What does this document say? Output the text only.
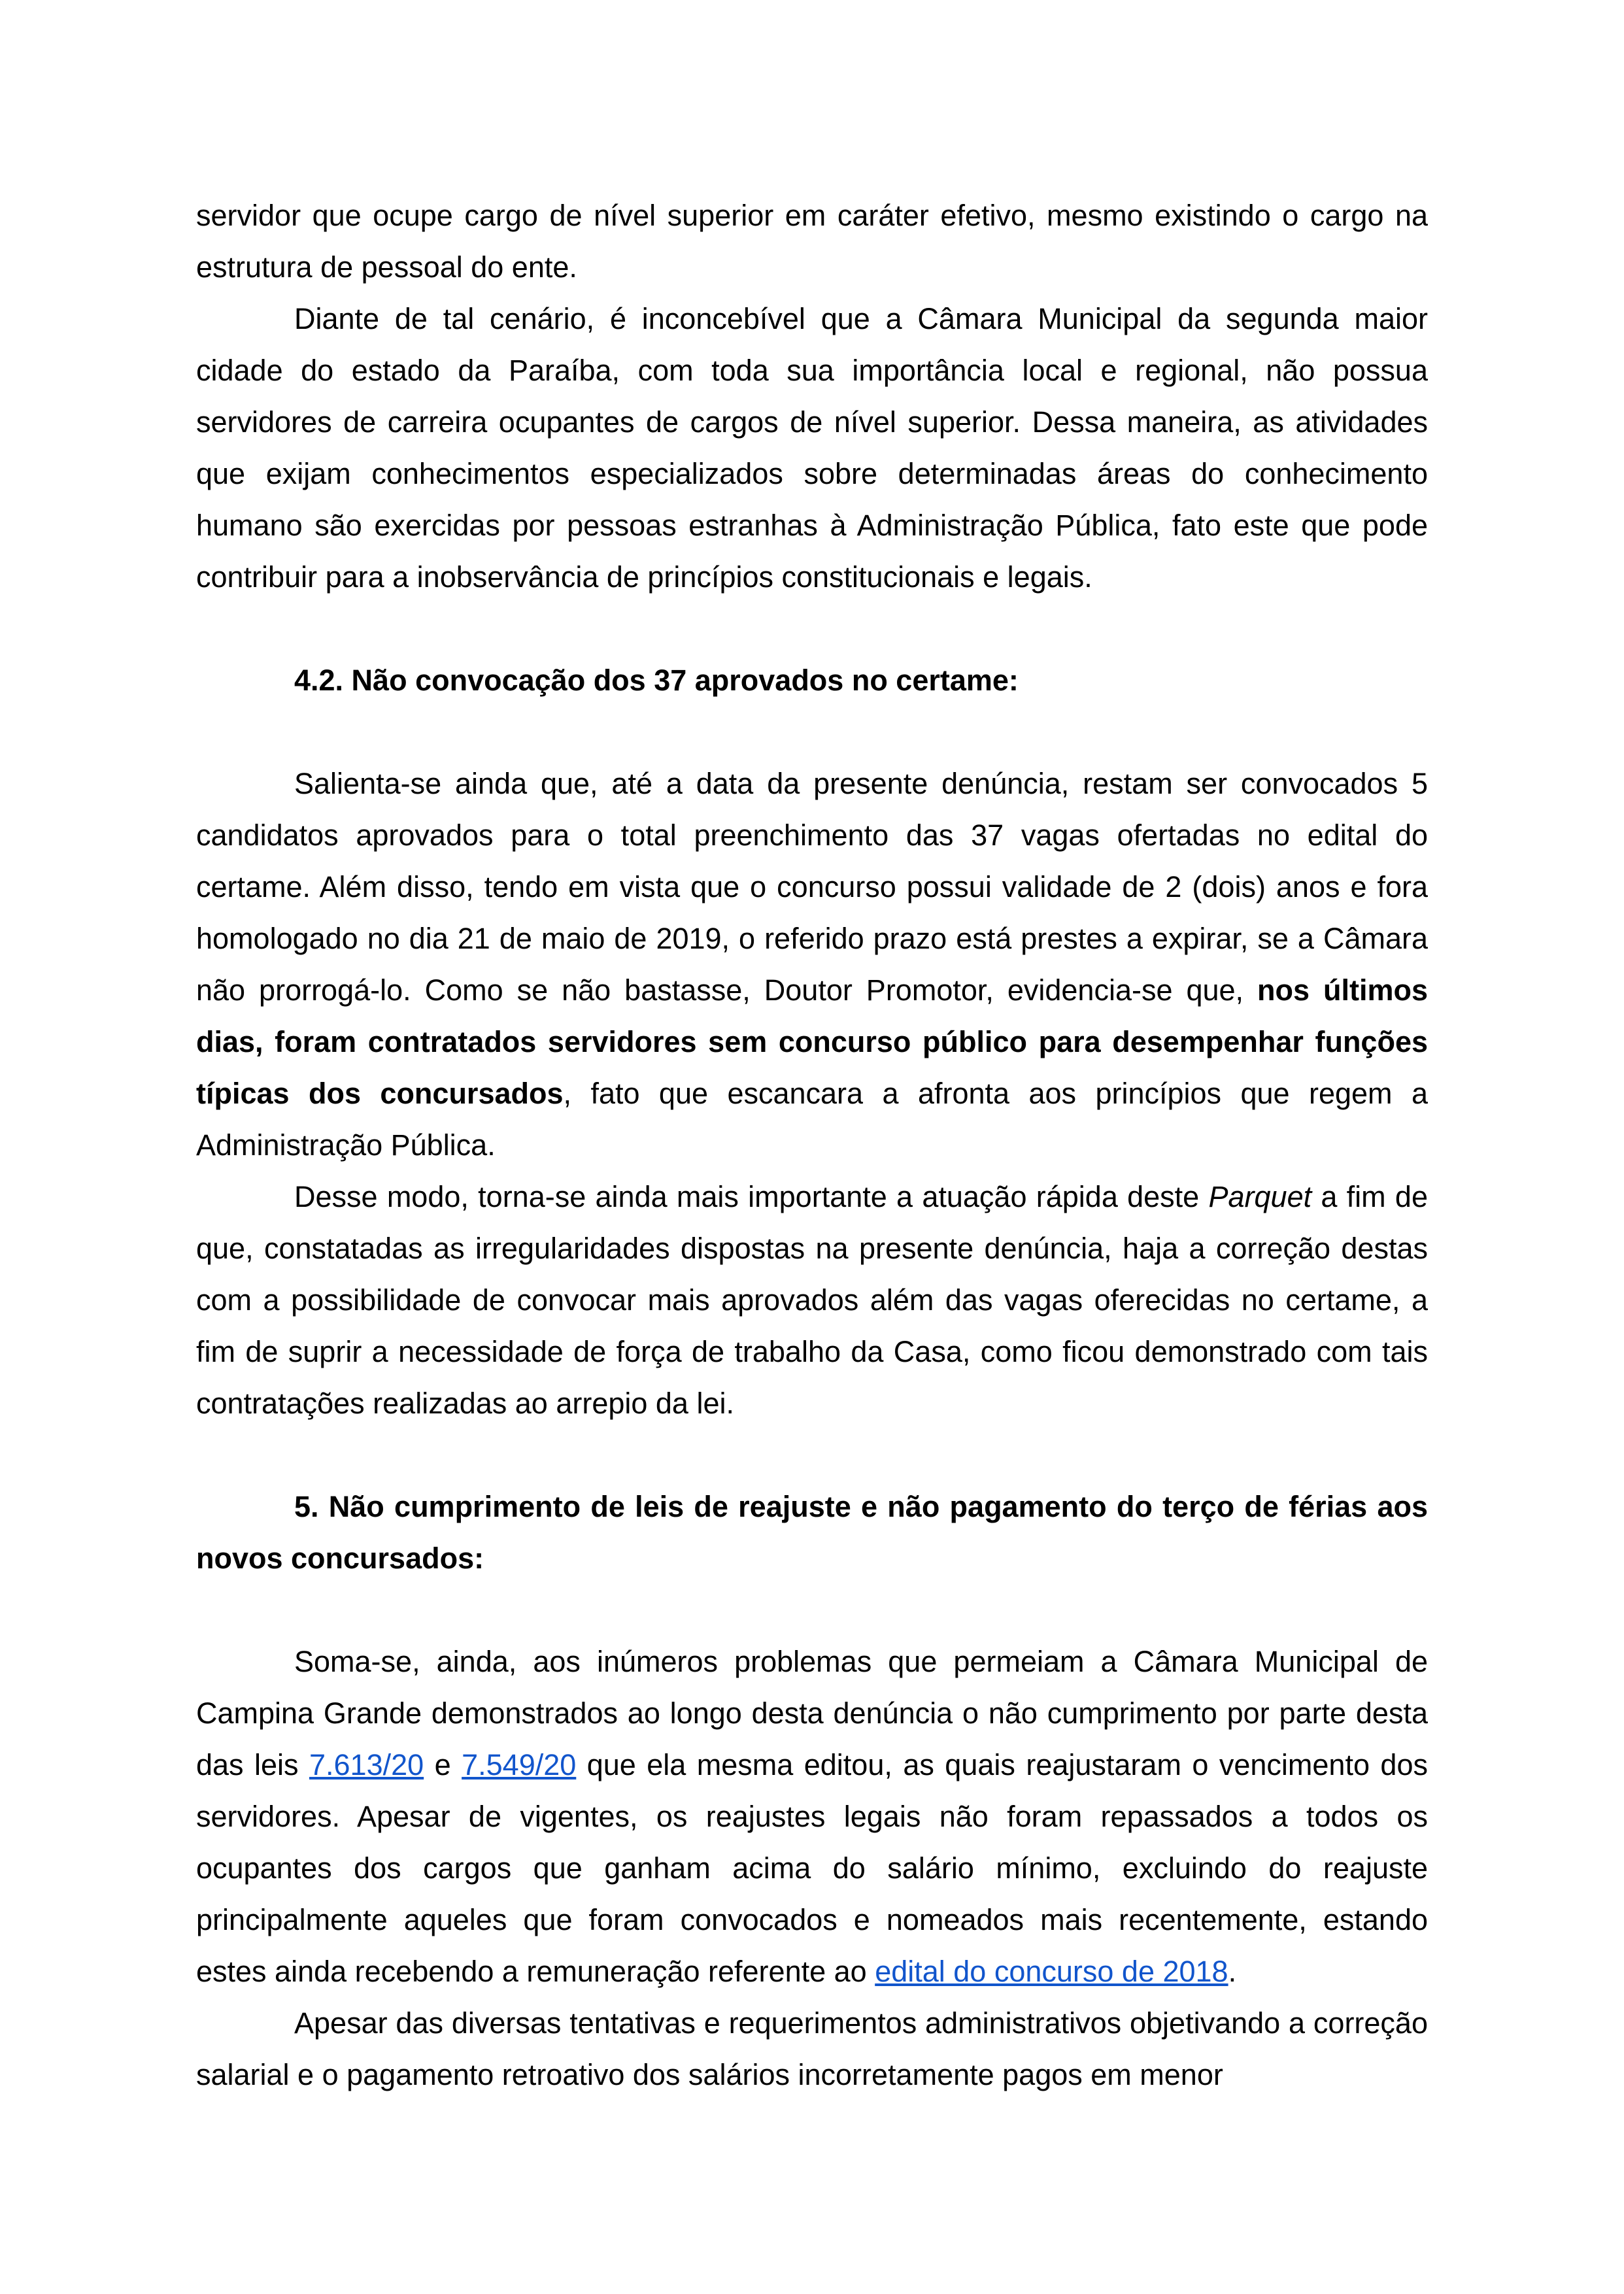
servidor que ocupe cargo de nível superior em caráter efetivo, mesmo existindo o cargo na estrutura de pessoal do ente.

Diante de tal cenário, é inconcebível que a Câmara Municipal da segunda maior cidade do estado da Paraíba, com toda sua importância local e regional, não possua servidores de carreira ocupantes de cargos de nível superior. Dessa maneira, as atividades que exijam conhecimentos especializados sobre determinadas áreas do conhecimento humano são exercidas por pessoas estranhas à Administração Pública, fato este que pode contribuir para a inobservância de princípios constitucionais e legais.

4.2. Não convocação dos 37 aprovados no certame:

Salienta-se ainda que, até a data da presente denúncia, restam ser convocados 5 candidatos aprovados para o total preenchimento das 37 vagas ofertadas no edital do certame. Além disso, tendo em vista que o concurso possui validade de 2 (dois) anos e fora homologado no dia 21 de maio de 2019, o referido prazo está prestes a expirar, se a Câmara não prorrogá-lo. Como se não bastasse, Doutor Promotor, evidencia-se que, nos últimos dias, foram contratados servidores sem concurso público para desempenhar funções típicas dos concursados, fato que escancara a afronta aos princípios que regem a Administração Pública.

Desse modo, torna-se ainda mais importante a atuação rápida deste Parquet a fim de que, constatadas as irregularidades dispostas na presente denúncia, haja a correção destas com a possibilidade de convocar mais aprovados além das vagas oferecidas no certame, a fim de suprir a necessidade de força de trabalho da Casa, como ficou demonstrado com tais contratações realizadas ao arrepio da lei.

5. Não cumprimento de leis de reajuste e não pagamento do terço de férias aos novos concursados:

Soma-se, ainda, aos inúmeros problemas que permeiam a Câmara Municipal de Campina Grande demonstrados ao longo desta denúncia o não cumprimento por parte desta das leis 7.613/20 e 7.549/20 que ela mesma editou, as quais reajustaram o vencimento dos servidores. Apesar de vigentes, os reajustes legais não foram repassados a todos os ocupantes dos cargos que ganham acima do salário mínimo, excluindo do reajuste principalmente aqueles que foram convocados e nomeados mais recentemente, estando estes ainda recebendo a remuneração referente ao edital do concurso de 2018.

Apesar das diversas tentativas e requerimentos administrativos objetivando a correção salarial e o pagamento retroativo dos salários incorretamente pagos em menor
